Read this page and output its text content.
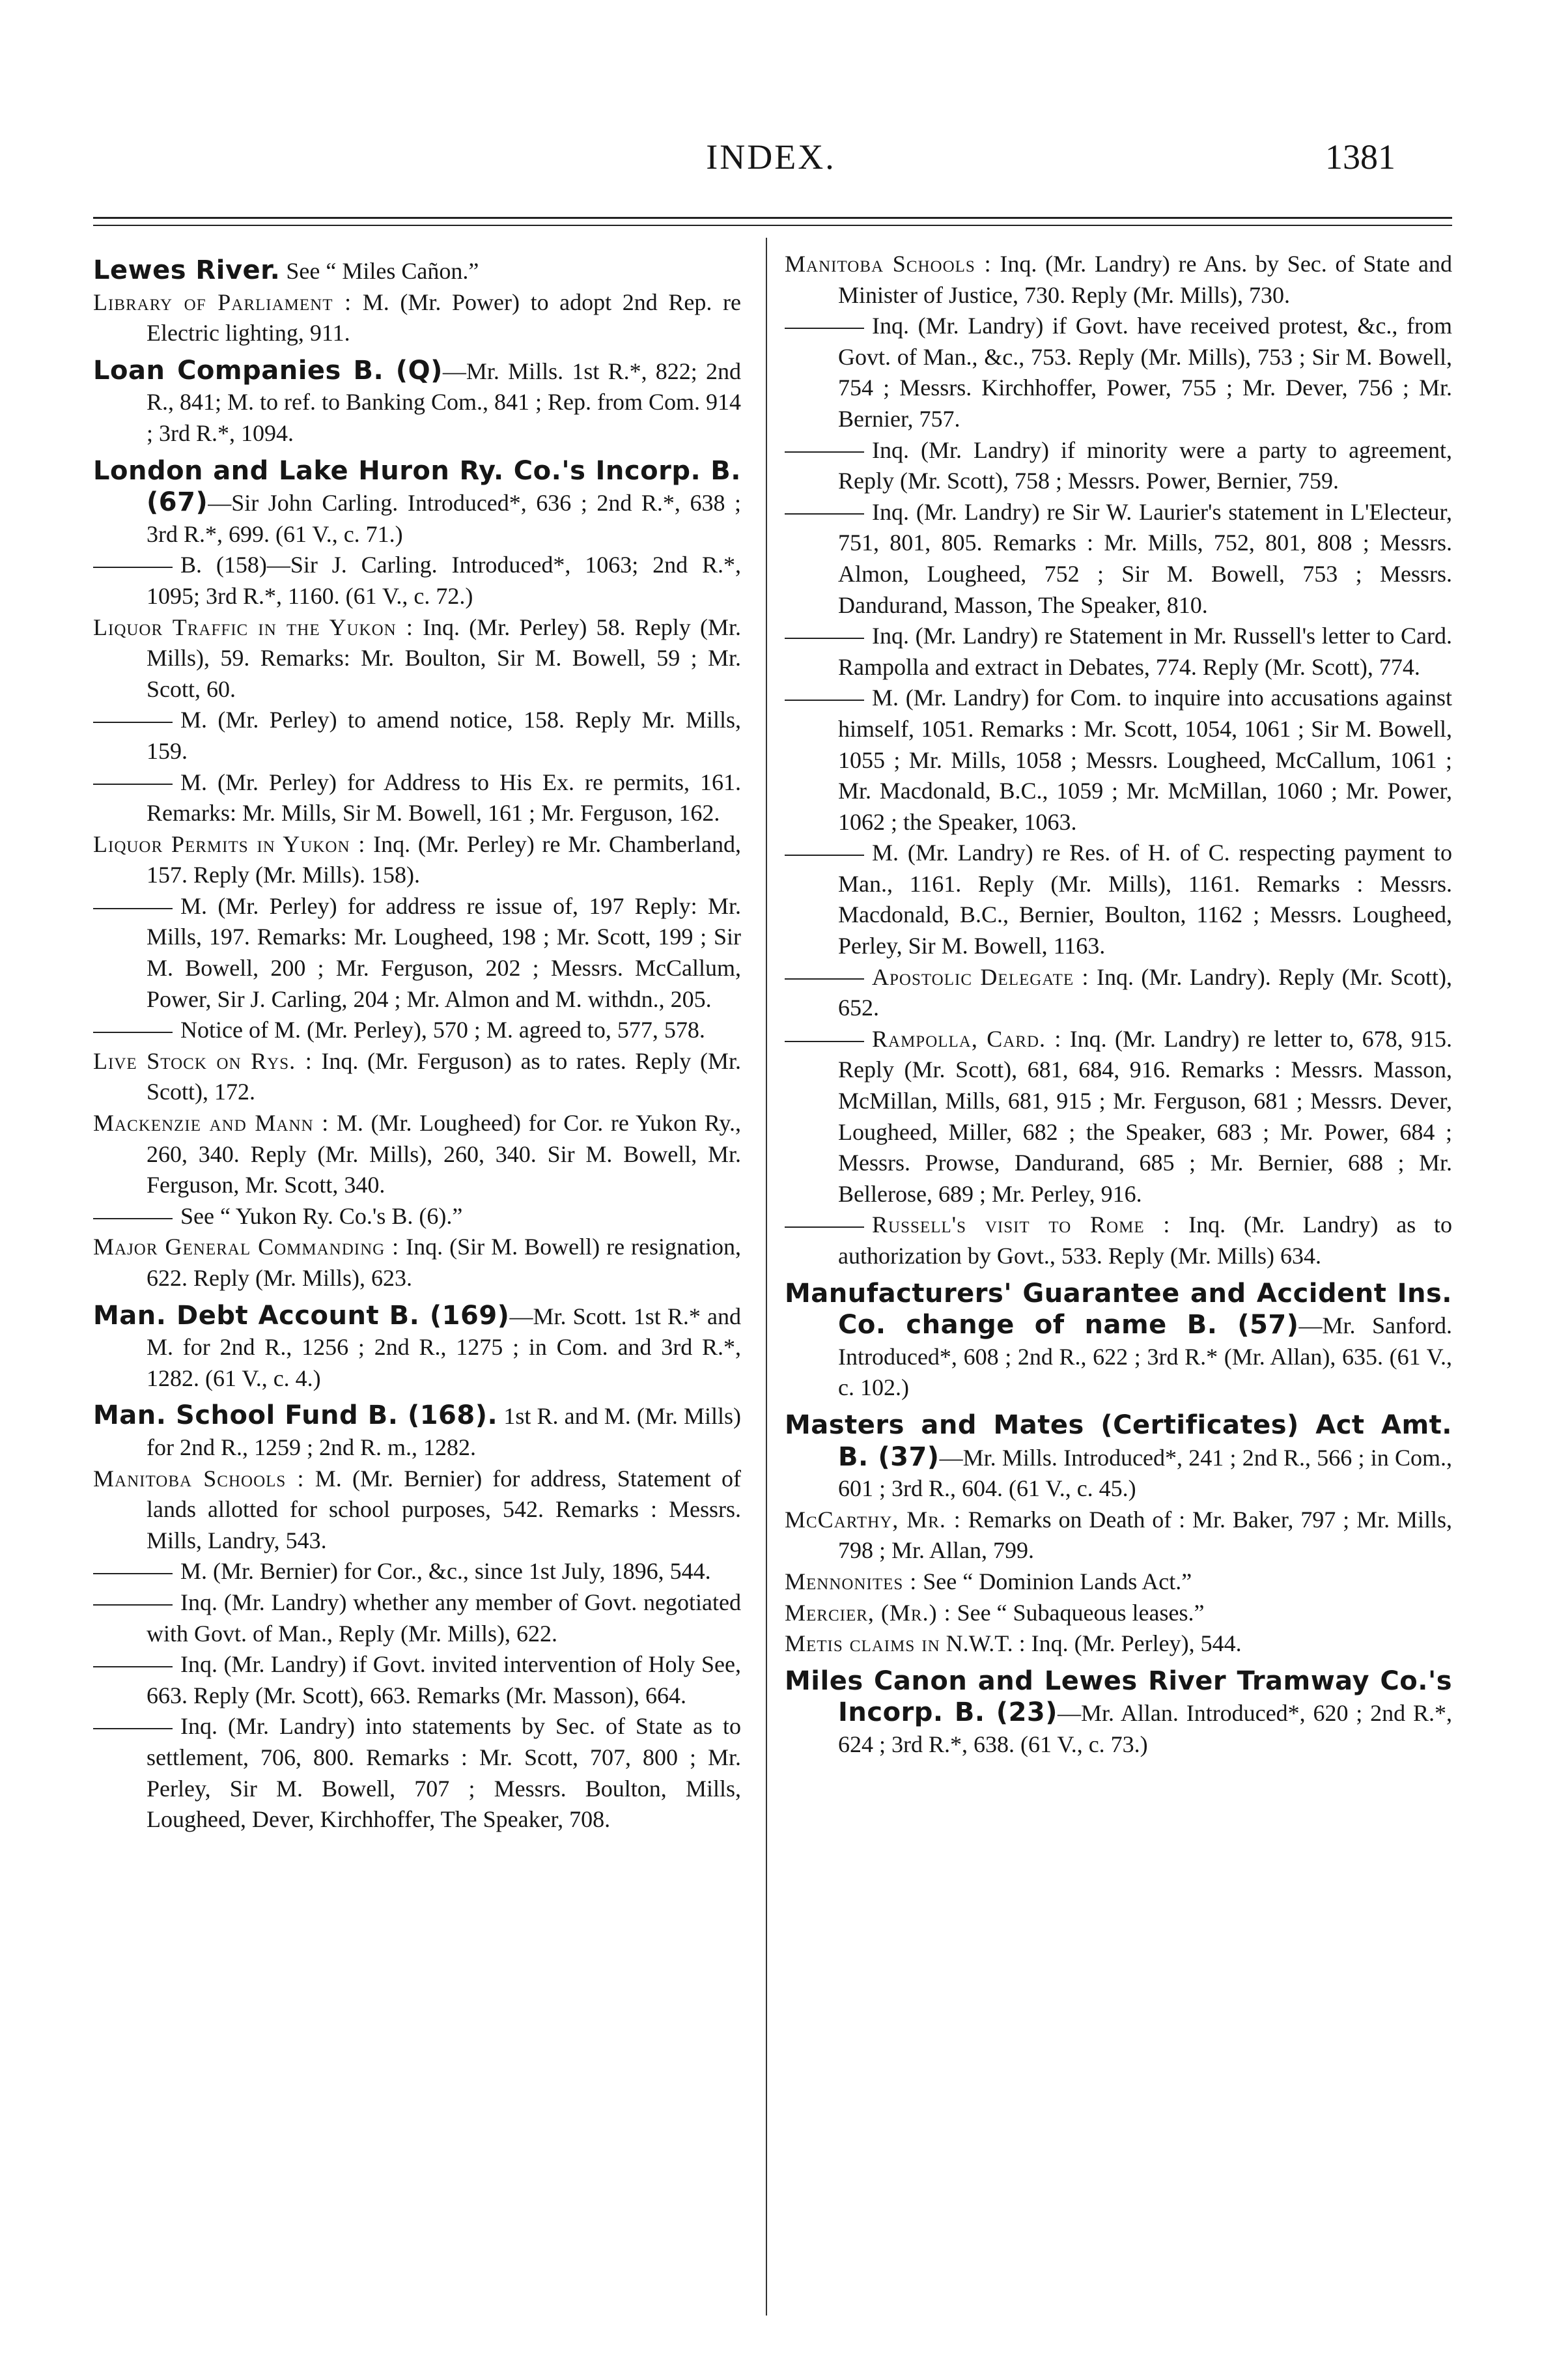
INDEX.	1381

Lewes River. See “ Miles Cañon.”

Library of Parliament : M. (Mr. Power) to adopt 2nd Rep. re Electric lighting, 911.

Loan Companies B. (Q)—Mr. Mills. 1st R.*, 822; 2nd R., 841; M. to ref. to Banking Com., 841 ; Rep. from Com. 914 ; 3rd R.*, 1094.

London and Lake Huron Ry. Co.'s Incorp. B. (67)—Sir John Carling. Introduced*, 636 ; 2nd R.*, 638 ; 3rd R.*, 699. (61 V., c. 71.)

B. (158)—Sir J. Carling. Introduced*, 1063; 2nd R.*, 1095; 3rd R.*, 1160. (61 V., c. 72.)

Liquor Traffic in the Yukon : Inq. (Mr. Perley) 58. Reply (Mr. Mills), 59. Remarks: Mr. Boulton, Sir M. Bowell, 59 ; Mr. Scott, 60.

M. (Mr. Perley) to amend notice, 158. Reply Mr. Mills, 159.

M. (Mr. Perley) for Address to His Ex. re permits, 161. Remarks: Mr. Mills, Sir M. Bowell, 161 ; Mr. Ferguson, 162.

Liquor Permits in Yukon : Inq. (Mr. Perley) re Mr. Chamberland, 157. Reply (Mr. Mills). 158).

M. (Mr. Perley) for address re issue of, 197 Reply: Mr. Mills, 197. Remarks: Mr. Lougheed, 198 ; Mr. Scott, 199 ; Sir M. Bowell, 200 ; Mr. Ferguson, 202 ; Messrs. McCallum, Power, Sir J. Carling, 204 ; Mr. Almon and M. withdn., 205.

Notice of M. (Mr. Perley), 570 ; M. agreed to, 577, 578.

Live Stock on Rys. : Inq. (Mr. Ferguson) as to rates. Reply (Mr. Scott), 172.

Mackenzie and Mann : M. (Mr. Lougheed) for Cor. re Yukon Ry., 260, 340. Reply (Mr. Mills), 260, 340. Sir M. Bowell, Mr. Ferguson, Mr. Scott, 340.

See “ Yukon Ry. Co.'s B. (6).”

Major General Commanding : Inq. (Sir M. Bowell) re resignation, 622. Reply (Mr. Mills), 623.

Man. Debt Account B. (169)—Mr. Scott. 1st R.* and M. for 2nd R., 1256 ; 2nd R., 1275 ; in Com. and 3rd R.*, 1282. (61 V., c. 4.)

Man. School Fund B. (168). 1st R. and M. (Mr. Mills) for 2nd R., 1259 ; 2nd R. m., 1282.

Manitoba Schools : M. (Mr. Bernier) for address, Statement of lands allotted for school purposes, 542. Remarks : Messrs. Mills, Landry, 543.

M. (Mr. Bernier) for Cor., &c., since 1st July, 1896, 544.

Inq. (Mr. Landry) whether any member of Govt. negotiated with Govt. of Man., Reply (Mr. Mills), 622.

Inq. (Mr. Landry) if Govt. invited intervention of Holy See, 663. Reply (Mr. Scott), 663. Remarks (Mr. Masson), 664.

Inq. (Mr. Landry) into statements by Sec. of State as to settlement, 706, 800. Remarks : Mr. Scott, 707, 800 ; Mr. Perley, Sir M. Bowell, 707 ; Messrs. Boulton, Mills, Lougheed, Dever, Kirchhoffer, The Speaker, 708.

Manitoba Schools : Inq. (Mr. Landry) re Ans. by Sec. of State and Minister of Justice, 730. Reply (Mr. Mills), 730.

Inq. (Mr. Landry) if Govt. have received protest, &c., from Govt. of Man., &c., 753. Reply (Mr. Mills), 753 ; Sir M. Bowell, 754 ; Messrs. Kirchhoffer, Power, 755 ; Mr. Dever, 756 ; Mr. Bernier, 757.

Inq. (Mr. Landry) if minority were a party to agreement, Reply (Mr. Scott), 758 ; Messrs. Power, Bernier, 759.

Inq. (Mr. Landry) re Sir W. Laurier's statement in L'Electeur, 751, 801, 805. Remarks : Mr. Mills, 752, 801, 808 ; Messrs. Almon, Lougheed, 752 ; Sir M. Bowell, 753 ; Messrs. Dandurand, Masson, The Speaker, 810.

Inq. (Mr. Landry) re Statement in Mr. Russell's letter to Card. Rampolla and extract in Debates, 774. Reply (Mr. Scott), 774.

M. (Mr. Landry) for Com. to inquire into accusations against himself, 1051. Remarks : Mr. Scott, 1054, 1061 ; Sir M. Bowell, 1055 ; Mr. Mills, 1058 ; Messrs. Lougheed, McCallum, 1061 ; Mr. Macdonald, B.C., 1059 ; Mr. McMillan, 1060 ; Mr. Power, 1062 ; the Speaker, 1063.

M. (Mr. Landry) re Res. of H. of C. respecting payment to Man., 1161. Reply (Mr. Mills), 1161. Remarks : Messrs. Macdonald, B.C., Bernier, Boulton, 1162 ; Messrs. Lougheed, Perley, Sir M. Bowell, 1163.

Apostolic Delegate : Inq. (Mr. Landry). Reply (Mr. Scott), 652.

Rampolla, Card. : Inq. (Mr. Landry) re letter to, 678, 915. Reply (Mr. Scott), 681, 684, 916. Remarks : Messrs. Masson, McMillan, Mills, 681, 915 ; Mr. Ferguson, 681 ; Messrs. Dever, Lougheed, Miller, 682 ; the Speaker, 683 ; Mr. Power, 684 ; Messrs. Prowse, Dandurand, 685 ; Mr. Bernier, 688 ; Mr. Bellerose, 689 ; Mr. Perley, 916.

Russell's visit to Rome : Inq. (Mr. Landry) as to authorization by Govt., 533. Reply (Mr. Mills) 634.

Manufacturers' Guarantee and Accident Ins. Co. change of name B. (57)—Mr. Sanford. Introduced*, 608 ; 2nd R., 622 ; 3rd R.* (Mr. Allan), 635. (61 V., c. 102.)

Masters and Mates (Certificates) Act Amt. B. (37)—Mr. Mills. Introduced*, 241 ; 2nd R., 566 ; in Com., 601 ; 3rd R., 604. (61 V., c. 45.)

McCarthy, Mr. : Remarks on Death of : Mr. Baker, 797 ; Mr. Mills, 798 ; Mr. Allan, 799.

Mennonites : See “ Dominion Lands Act.”

Mercier, (Mr.) : See “ Subaqueous leases.”

Metis claims in N.W.T. : Inq. (Mr. Perley), 544.

Miles Canon and Lewes River Tramway Co.'s Incorp. B. (23)—Mr. Allan. Introduced*, 620 ; 2nd R.*, 624 ; 3rd R.*, 638. (61 V., c. 73.)
